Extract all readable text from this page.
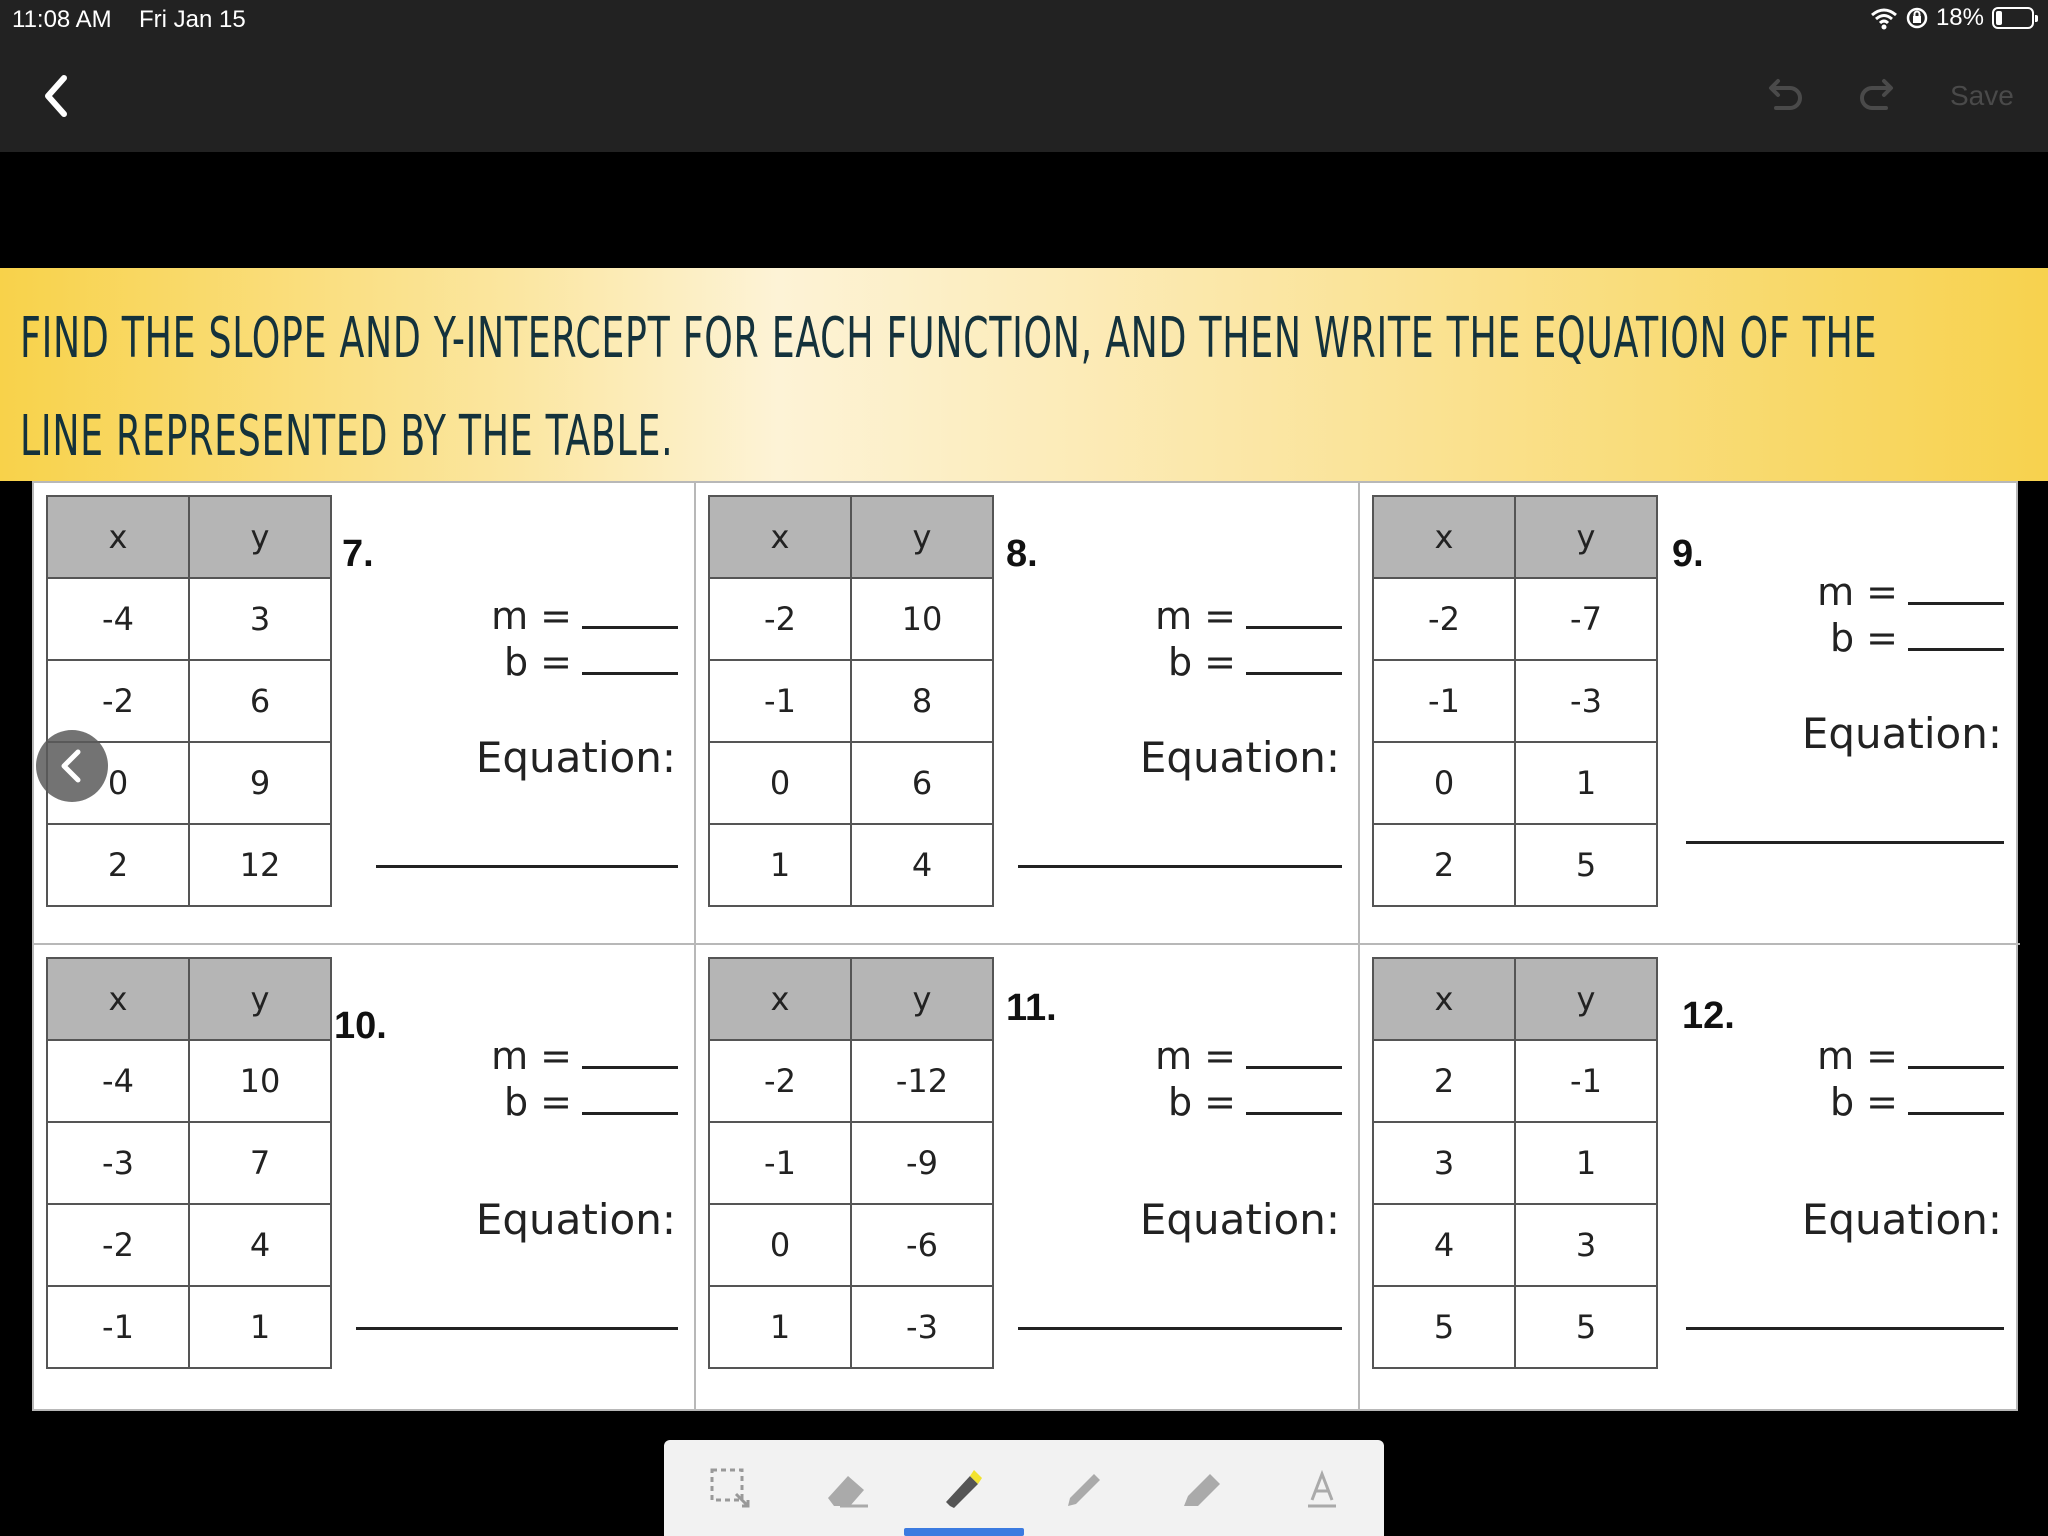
11:08 AM Fri Jan 15	18%
Save
FIND THE SLOPE AND Y-INTERCEPT FOR EACH FUNCTION, AND THEN WRITE THE EQUATION OF THE
LINE REPRESENTED BY THE TABLE.
x	y
-4	3
-2	6
0	9
2	12
7.
m =
b =
Equation:
x	y
-2	10
-1	8
0	6
1	4
8.
m =
b =
Equation:
x	y
-2	-7
-1	-3
0	1
2	5
9.
m =
b =
Equation:
x	y
-4	10
-3	7
-2	4
-1	1
10.
m =
b =
Equation:
x	y
-2	-12
-1	-9
0	-6
1	-3
11.
m =
b =
Equation:
x	y
2	-1
3	1
4	3
5	5
12.
m =
b =
Equation:
